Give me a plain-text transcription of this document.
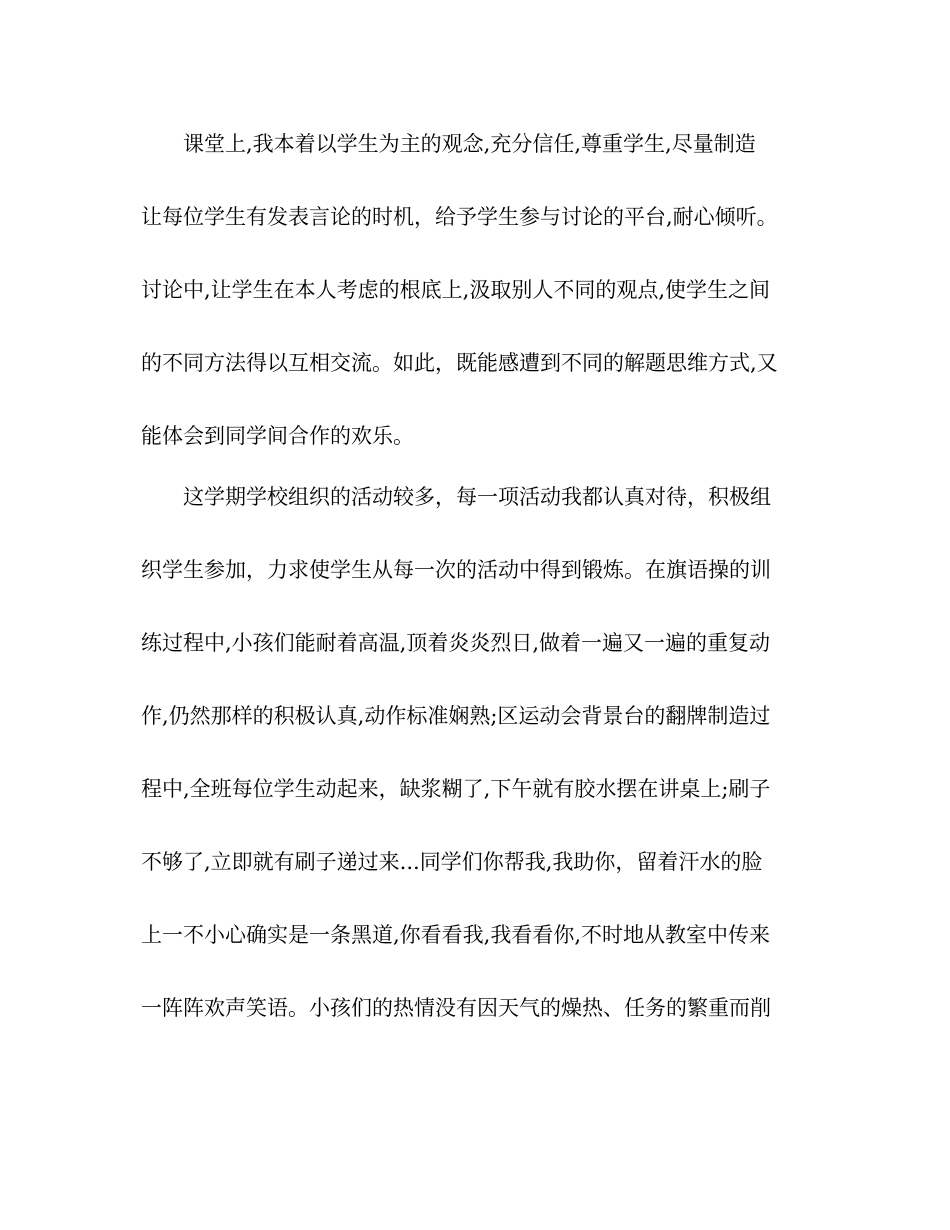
课堂上,我本着以学生为主的观念,充分信任,尊重学生,尽量制造
让每位学生有发表言论的时机，给予学生参与讨论的平台,耐心倾听。
讨论中,让学生在本人考虑的根底上,汲取别人不同的观点,使学生之间
的不同方法得以互相交流。如此，既能感遭到不同的解题思维方式,又
能体会到同学间合作的欢乐。
这学期学校组织的活动较多，每一项活动我都认真对待，积极组
织学生参加，力求使学生从每一次的活动中得到锻炼。在旗语操的训
练过程中,小孩们能耐着高温,顶着炎炎烈日,做着一遍又一遍的重复动
作,仍然那样的积极认真,动作标准娴熟;区运动会背景台的翻牌制造过
程中,全班每位学生动起来，缺浆糊了,下午就有胶水摆在讲桌上;刷子
不够了,立即就有刷子递过来...同学们你帮我,我助你，留着汗水的脸
上一不小心确实是一条黑道,你看看我,我看看你,不时地从教室中传来
一阵阵欢声笑语。小孩们的热情没有因天气的燥热、任务的繁重而削
